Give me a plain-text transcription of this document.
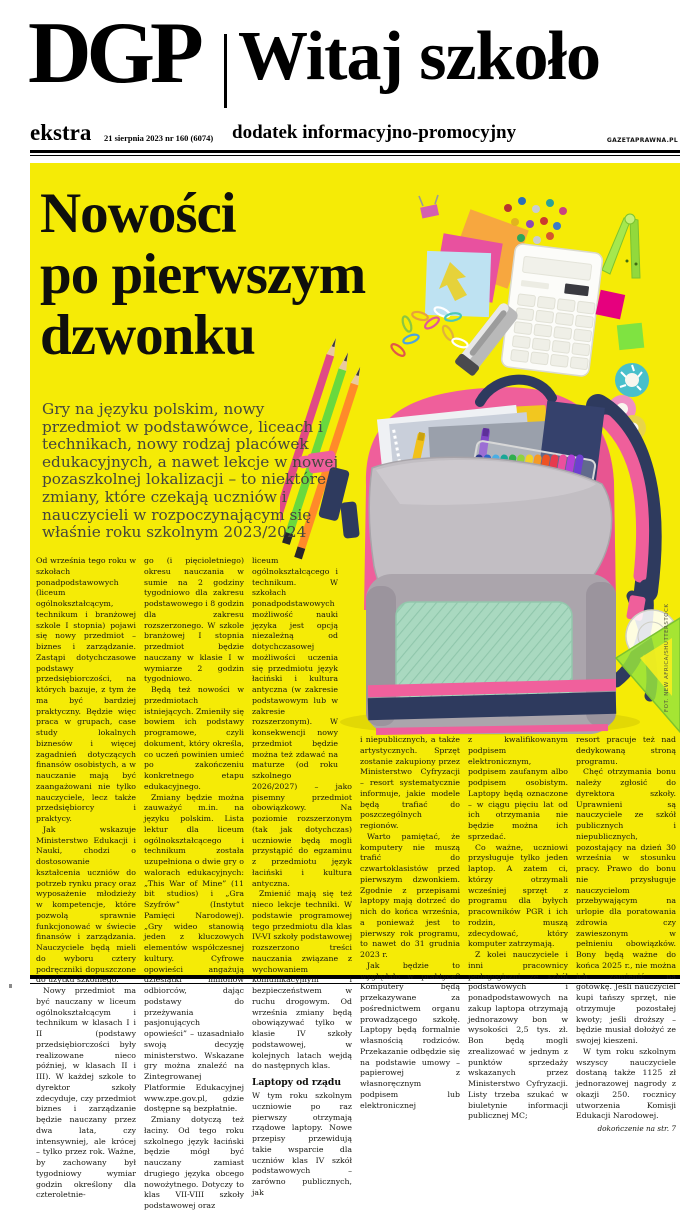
DGP Witaj szkoło
ekstra 21 sierpnia 2023 nr 160 (6074) dodatek informacyjno-promocyjny	GAZETAPRAWNA.PL
Nowości
po pierwszym
dzwonku
Gry na języku polskim, nowy przedmiot w podstawówce, liceach i technikach, nowy rodzaj placówek edukacyjnych, a nawet lekcje w nowej pozaszkolnej lokalizacji – to niektóre zmiany, które czekają uczniów i nauczycieli w rozpoczynającym się właśnie roku szkolnym 2023/2024

Od września tego roku w szkołach ponadpodstawowych (liceum ogólnokształcącym, technikum i branżowej szkole I stopnia) pojawi się nowy przedmiot – biznes i zarządzanie. Zastąpi dotychczasowe podstawy przedsiębiorczości, na których bazuje, z tym że ma być bardziej praktyczny. Będzie więc praca w grupach, case study lokalnych biznesów i więcej zagadnień dotyczących finansów osobistych, a w nauczanie mają być zaangażowani nie tylko nauczyciele, lecz także przedsiębiorcy i praktycy.

Jak wskazuje Ministerstwo Edukacji i Nauki, chodzi o dostosowanie kształcenia uczniów do potrzeb rynku pracy oraz wyposażenie młodzieży w kompetencje, które pozwolą sprawnie funkcjonować w świecie finansów i zarządzania. Nauczyciele będą mieli do wyboru cztery podręczniki dopuszczone do użytku szkolnego.

Nowy przedmiot ma być nauczany w liceum ogólnokształcącym i technikum w klasach I i II (podstawy przedsiębiorczości były realizowane nieco później, w klasach II i III). W każdej szkole to dyrektor szkoły zdecyduje, czy przedmiot biznes i zarządzanie będzie nauczany przez dwa lata, czy intensywniej, ale krócej – tylko przez rok. Ważne, by zachowany był tygodniowy wymiar godzin określony dla czteroletnie-

go (i pięcioletniego) okresu nauczania w sumie na 2 godziny tygodniowo dla zakresu podstawowego i 8 godzin dla zakresu rozszerzonego. W szkole branżowej I stopnia przedmiot będzie nauczany w klasie I w wymiarze 2 godzin tygodniowo.

Będą też nowości w przedmiotach istniejących. Zmieniły się bowiem ich podstawy programowe, czyli dokument, który określa, co uczeń powinien umieć po zakończeniu konkretnego etapu edukacyjnego.

Zmiany będzie można zauważyć m.in. na języku polskim. Lista lektur dla liceum ogólnokształcącego i technikum została uzupełniona o dwie gry o walorach edukacyjnych: „This War of Mine” (11 bit studios) i „Gra Szyfrów” (Instytut Pamięci Narodowej). „Gry wideo stanowią jeden z kluczowych elementów współczesnej kultury. Cyfrowe opowieści angażują dziesiątki milionów odbiorców, dając podstawy do przeżywania pasjonujących opowieści” – uzasadniało swoją decyzję ministerstwo. Wskazane gry można znaleźć na Zintegrowanej Platformie Edukacyjnej www.zpe.gov.pl, gdzie dostępne są bezpłatnie.

Zmiany dotyczą też łaciny. Od tego roku szkolnego język łaciński będzie mógł być nauczany zamiast drugiego języka obcego nowożytnego. Dotyczy to klas VII-VIII szkoły podstawowej oraz

liceum ogólnokształcącego i technikum. W szkołach ponadpodstawowych możliwość nauki języka jest opcją niezależną od dotychczasowej możliwości uczenia się przedmiotu język łaciński i kultura antyczna (w zakresie podstawowym lub w zakresie rozszerzonym). W konsekwencji nowy przedmiot będzie można też zdawać na maturze (od roku szkolnego

2026/2027) – jako pisemny przedmiot obowiązkowy. Na poziomie rozszerzonym (tak jak dotychczas) uczniowie będą mogli przystąpić do egzaminu z przedmiotu język łaciński i kultura antyczna.

Zmienić mają się też nieco lekcje techniki. W podstawie programowej tego przedmiotu dla klas IV-VI szkoły podstawowej rozszerzono treści nauczania związane z wychowaniem komunikacyjnym i bezpieczeństwem w ruchu drogowym. Od września zmiany będą obowiązywać tylko w klasie IV szkoły podstawowej, w kolejnych latach wejdą do następnych klas.

Laptopy od rządu

W tym roku szkolnym uczniowie po raz pierwszy otrzymają rządowe laptopy. Nowe przepisy przewidują takie wsparcie dla uczniów klas IV szkół podstawowych – zarówno publicznych, jak

i niepublicznych, a także artystycznych. Sprzęt zostanie zakupiony przez Ministerstwo Cyfryzacji – resort systematycznie informuje, jakie modele będą trafiać do poszczególnych regionów.

Warto pamiętać, że komputery nie muszą trafić do czwartoklasistów przed pierwszym dzwonkiem. Zgodnie z przepisami laptopy mają dotrzeć do nich do końca września, a ponieważ jest to pierwszy rok programu, to nawet do 31 grudnia 2023 r.

Jak będzie to wyglądało w praktyce? Komputery będą przekazywane za pośrednictwem organu prowadzącego szkołę. Laptopy będą formalnie własnością rodziców. Przekazanie odbędzie się na podstawie umowy – papierowej z własnoręcznym podpisem lub elektronicznej

z kwalifikowanym podpisem elektronicznym, podpisem zaufanym albo podpisem osobistym. Laptopy będą oznaczone – w ciągu pięciu lat od ich otrzymania nie będzie można ich sprzedać.

Co ważne, uczniowi przysługuje tylko jeden laptop. A zatem ci, którzy otrzymali wcześniej sprzęt z programu dla byłych pracowników PGR i ich rodzin, muszą zdecydować, który komputer zatrzymają.

Z kolei nauczyciele i inni pracownicy pedagogiczni ze szkół podstawowych i ponadpodstawowych na zakup laptopa otrzymają jednorazowy bon w wysokości 2,5 tys. zł. Bon będą mogli zrealizować w jednym z punktów sprzedaży wskazanych przez Ministerstwo Cyfryzacji. Listy trzeba szukać w biuletynie informacji publicznej MC;

resort pracuje też nad dedykowaną stroną programu.

Chęć otrzymania bonu należy zgłosić do dyrektora szkoły. Uprawnieni są nauczyciele ze szkół publicznych i niepublicznych, pozostający na dzień 30 września w stosunku pracy. Prawo do bonu nie przysługuje nauczycielom przebywającym na urlopie dla poratowania zdrowia czy zawieszonym w pełnieniu obowiązków. Bony będą ważne do końca 2025 r., nie można ich zamienić na gotówkę. Jeśli nauczyciel kupi tańszy sprzęt, nie otrzymuje pozostałej kwoty; jeśli droższy – będzie musiał dołożyć ze swojej kieszeni.

W tym roku szkolnym wszyscy nauczyciele dostaną także 1125 zł jednorazowej nagrody z okazji 250. rocznicy utworzenia Komisji Edukacji Narodowej.

dokończenie na str. 7

FOT. NEW AFRICA/SHUTTERSTOCK
